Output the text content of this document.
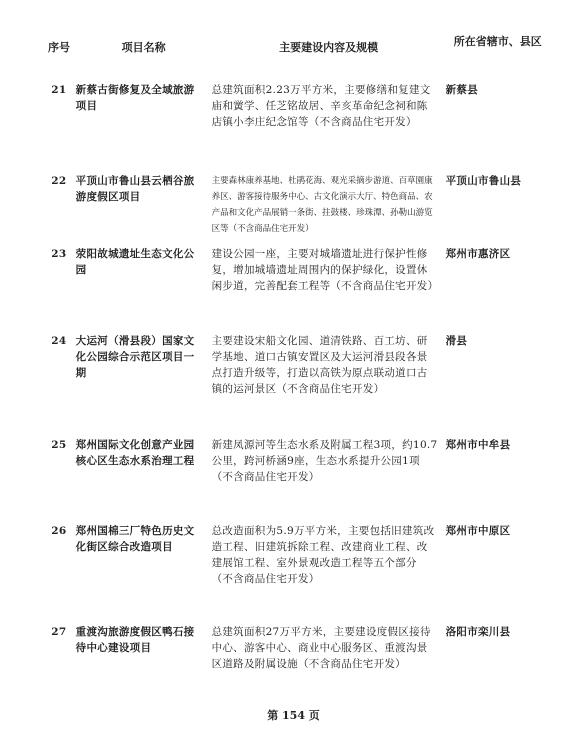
序号	项目名称	主要建设内容及规模	所在省辖市、县区
21	新蔡古街修复及全域旅游项目	总建筑面积2.23万平方米，主要修缮和复建文庙和黉学、任芝铭故居、辛亥革命纪念祠和陈店镇小李庄纪念馆等（不含商品住宅开发）	新蔡县
22	平顶山市鲁山县云栖谷旅游度假区项目	主要森林康养基地、杜鹃花海、观光采摘步游道、百草園康养区、游客接待服务中心、古文化演示大厅、特色商品、农产品和文化产品展销一条街、拄鼓楼、珍珠潭、孙勒山游览区等（不含商品住宅开发）	平顶山市鲁山县
23	荥阳故城遗址生态文化公园	建设公园一座，主要对城墙遗址进行保护性修复，增加城墙遗址周围内的保护绿化，设置休闲步道，完善配套工程等（不含商品住宅开发）	郑州市惠济区
24	大运河（滑县段）国家文化公园综合示范区项目一期	主要建设宋船文化园、道清铁路、百工坊、研学基地、道口古镇安置区及大运河滑县段各景点打造升级等，打造以高铁为原点联动道口古镇的运河景区（不含商品住宅开发）	滑县
25	郑州国际文化创意产业园核心区生态水系治理工程	新建凤源河等生态水系及附属工程3项，约10.7公里，跨河桥涵9座，生态水系提升公园1项（不含商品住宅开发）	郑州市中牟县
26	郑州国棉三厂特色历史文化街区综合改造项目	总改造面积为5.9万平方米，主要包括旧建筑改造工程、旧建筑拆除工程、改建商业工程、改建展馆工程、室外景观改造工程等五个部分（不含商品住宅开发）	郑州市中原区
27	重渡沟旅游度假区鸭石接待中心建设项目	总建筑面积27万平方米，主要建设度假区接待中心、游客中心、商业中心服务区、重渡沟景区道路及附属设施（不含商品住宅开发）	洛阳市栾川县
第 154 页
